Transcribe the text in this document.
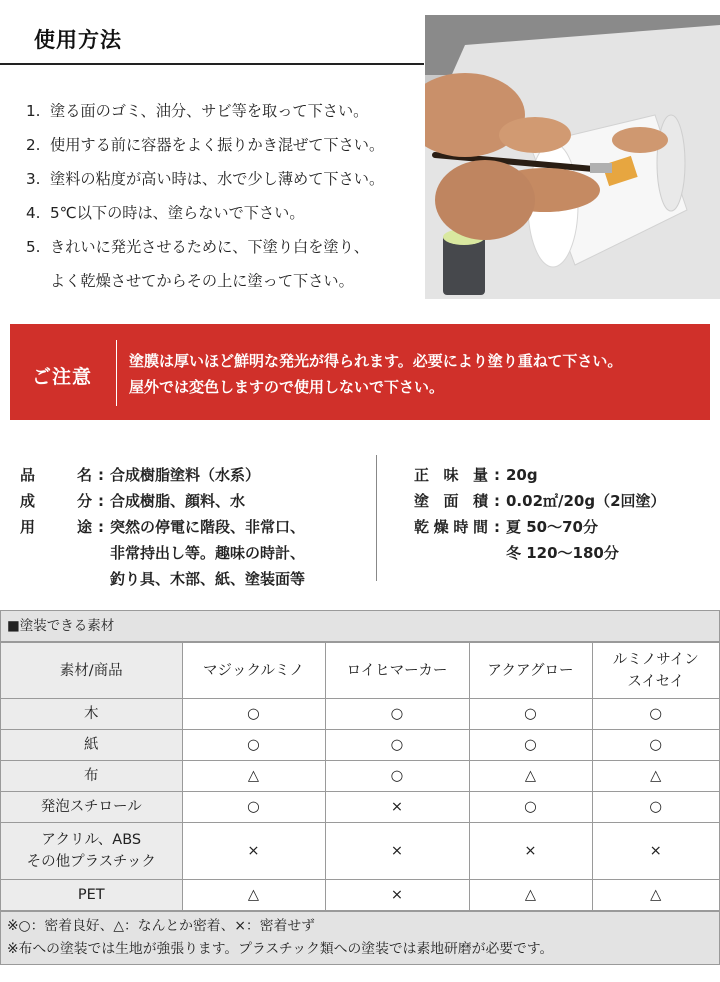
使用方法
1. 塗る面のゴミ、油分、サビ等を取って下さい。
2. 使用する前に容器をよく振りかき混ぜて下さい。
3. 塗料の粘度が高い時は、水で少し薄めて下さい。
4. 5℃以下の時は、塗らないで下さい。
5. きれいに発光させるために、下塗り白を塗り、
よく乾燥させてからその上に塗って下さい。
ご注意
塗膜は厚いほど鮮明な発光が得られます。必要により塗り重ねて下さい。
屋外では変色しますので使用しないで下さい。
品	名 : 合成樹脂塗料（水系）
成	分 : 合成樹脂、顔料、水
用	途 : 突然の停電に階段、非常口、
非常持出し等。趣味の時計、
釣り具、木部、紙、塗装面等
正 味 量 : 20g
塗 面 積 : 0.02㎡/20g（2回塗）
乾 燥 時 間 : 夏 50～70分
冬 120～180分
■塗装できる素材
素材/商品	マジックルミノ	ロイヒマーカー	アクアグロー	ルミノサイン
スイセイ
木	○	○	○	○
紙	○	○	○	○
布	△	○	△	△
発泡スチロール	○	×	○	○
アクリル、ABS
その他プラスチック	×	×	×	×
PET	△	×	△	△
※○：密着良好、△：なんとか密着、×：密着せず
※布への塗装では生地が強張ります。プラスチック類への塗装では素地研磨が必要です。
